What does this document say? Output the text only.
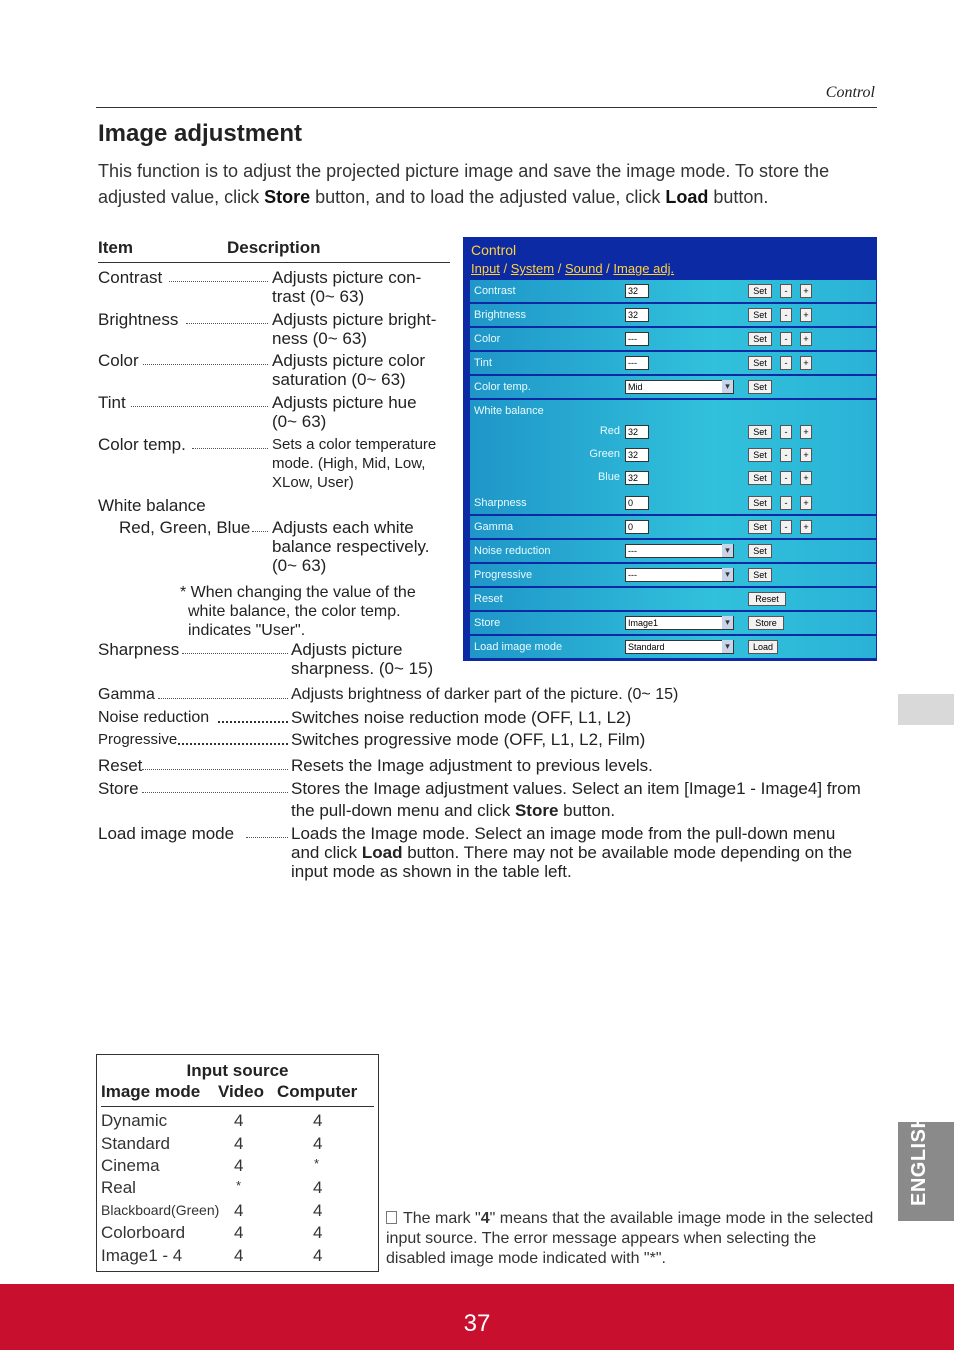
Control
Image adjustment
This function is to adjust the projected picture image and save the image mode. To store the adjusted value, click Store button, and to load the adjusted value, click Load button.
Item	Description
Contrast	Adjusts picture con-
trast (0~ 63)
Brightness	Adjusts picture bright-
ness (0~ 63)
Color	Adjusts picture color
saturation (0~ 63)
Tint	Adjusts picture hue
(0~ 63)
Color temp.	Sets a color temperature
mode. (High, Mid, Low,
XLow, User)
White balance
Red, Green, Blue Adjusts each white
balance respectively.
(0~ 63)
* When changing the value of the
white balance, the color temp.
indicates "User".
Sharpness	Adjusts picture
sharpness. (0~ 15)
Gamma	Adjusts brightness of darker part of the picture. (0~ 15)
Noise reduction	Switches noise reduction mode (OFF, L1, L2)
Progressive	Switches progressive mode (OFF, L1, L2, Film)
Reset	Resets the Image adjustment to previous levels.
Store	Stores the Image adjustment values. Select an item [Image1 - Image4] from
the pull-down menu and click Store button.
Load image mode	Loads the Image mode. Select an image mode from the pull-down menu
and click Load button. There may not be available mode depending on the
input mode as shown in the table left.
Control
Input / System / Sound / Image adj.
Contrast	32	Set	-	+
Brightness	32	Set	-	+
Color	---	Set	-	+
Tint	---	Set	-	+
Color temp.	Mid ▾	Set
White balance
Red 32	Set	-	+
Green 32	Set	-	+
Blue 32	Set	-	+
Sharpness	0	Set	-	+
Gamma	0	Set	-	+
Noise reduction	--- ▾	Set
Progressive	--- ▾	Set
Reset	Reset
Store	Image1 ▾	Store
Load image mode	Standard ▾	Load
ENGLISH
Input source
Image mode Video Computer
Dynamic	4	4
Standard	4	4
Cinema	4	*
Real	*	4
Blackboard(Green) 4	4
Colorboard	4	4
Image1 - 4	4	4
The mark "4" means that the available image mode in the selected input source. The error message appears when selecting the disabled image mode indicated with "*".
37
